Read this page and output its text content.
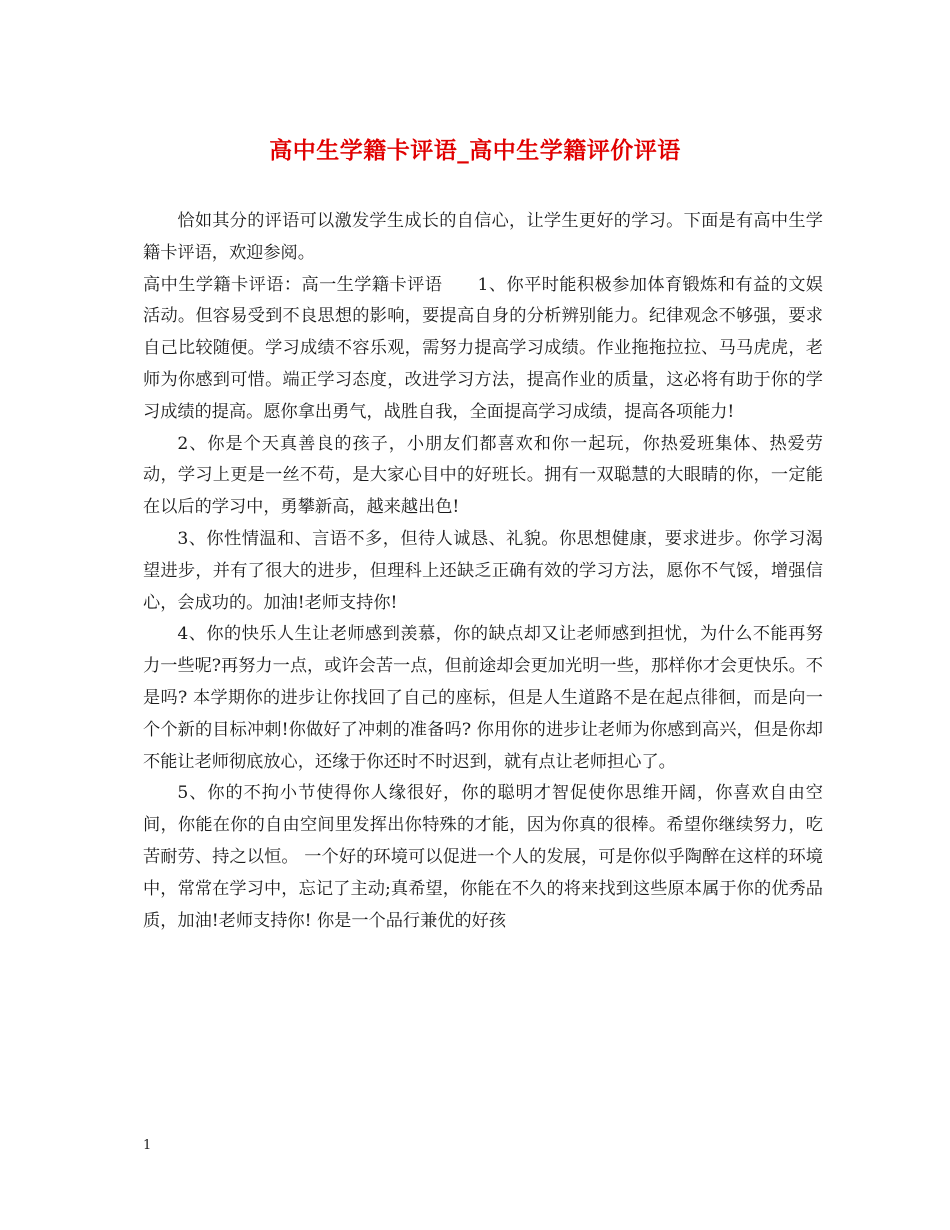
高中生学籍卡评语_高中生学籍评价评语

恰如其分的评语可以激发学生成长的自信心，让学生更好的学习。下面是有高中生学籍卡评语，欢迎参阅。

高中生学籍卡评语：高一生学籍卡评语　　1、你平时能积极参加体育锻炼和有益的文娱活动。但容易受到不良思想的影响，要提高自身的分析辨别能力。纪律观念不够强，要求自己比较随便。学习成绩不容乐观，需努力提高学习成绩。作业拖拖拉拉、马马虎虎，老师为你感到可惜。端正学习态度，改进学习方法，提高作业的质量，这必将有助于你的学习成绩的提高。愿你拿出勇气，战胜自我，全面提高学习成绩，提高各项能力!

2、你是个天真善良的孩子，小朋友们都喜欢和你一起玩，你热爱班集体、热爱劳动，学习上更是一丝不苟，是大家心目中的好班长。拥有一双聪慧的大眼睛的你，一定能在以后的学习中，勇攀新高，越来越出色!

3、你性情温和、言语不多，但待人诚恳、礼貌。你思想健康，要求进步。你学习渴望进步，并有了很大的进步，但理科上还缺乏正确有效的学习方法，愿你不气馁，增强信心，会成功的。加油!老师支持你!

4、你的快乐人生让老师感到羡慕，你的缺点却又让老师感到担忧，为什么不能再努力一些呢?再努力一点，或许会苦一点，但前途却会更加光明一些，那样你才会更快乐。不是吗? 本学期你的进步让你找回了自己的座标，但是人生道路不是在起点徘徊，而是向一个个新的目标冲刺!你做好了冲刺的准备吗? 你用你的进步让老师为你感到高兴，但是你却不能让老师彻底放心，还缘于你还时不时迟到，就有点让老师担心了。

5、你的不拘小节使得你人缘很好，你的聪明才智促使你思维开阔，你喜欢自由空间，你能在你的自由空间里发挥出你特殊的才能，因为你真的很棒。希望你继续努力，吃苦耐劳、持之以恒。 一个好的环境可以促进一个人的发展，可是你似乎陶醉在这样的环境中，常常在学习中，忘记了主动;真希望，你能在不久的将来找到这些原本属于你的优秀品质，加油!老师支持你! 你是一个品行兼优的好孩

1
